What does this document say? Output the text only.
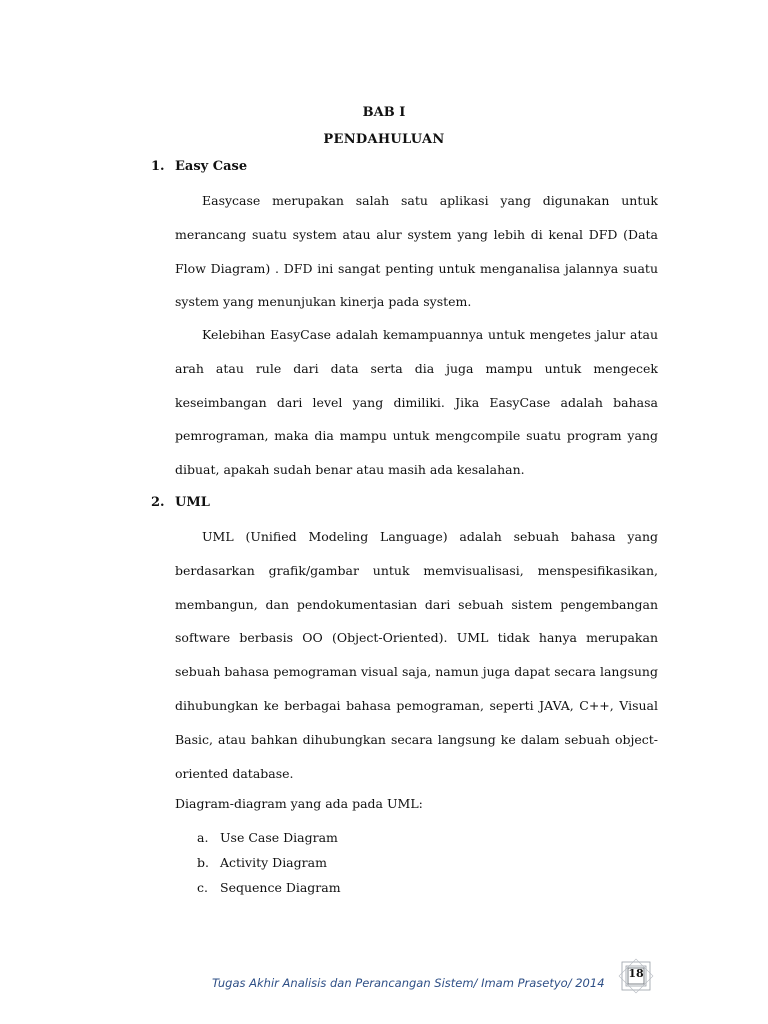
BAB I
PENDAHULUAN
1. Easy Case

Easycase merupakan salah satu aplikasi yang digunakan untuk merancang suatu system atau alur system yang lebih di kenal DFD (Data Flow Diagram) . DFD ini sangat penting untuk menganalisa jalannya suatu system yang menunjukan kinerja pada system.

Kelebihan EasyCase adalah kemampuannya untuk mengetes jalur atau arah atau rule dari data serta dia juga mampu untuk mengecek keseimbangan dari level yang dimiliki. Jika EasyCase adalah bahasa pemrograman, maka dia mampu untuk mengcompile suatu program yang dibuat, apakah sudah benar atau masih ada kesalahan.

2. UML

UML (Unified Modeling Language) adalah sebuah bahasa yang berdasarkan grafik/gambar untuk memvisualisasi, menspesifikasikan, membangun, dan pendokumentasian dari sebuah sistem pengembangan software berbasis OO (Object-Oriented). UML tidak hanya merupakan sebuah bahasa pemograman visual saja, namun juga dapat secara langsung dihubungkan ke berbagai bahasa pemograman, seperti JAVA, C++, Visual Basic, atau bahkan dihubungkan secara langsung ke dalam sebuah object-oriented database.

Diagram-diagram yang ada pada UML:
a. Use Case Diagram
b. Activity Diagram
c. Sequence Diagram
Tugas Akhir Analisis dan Perancangan Sistem/ Imam Prasetyo/ 2014
18
